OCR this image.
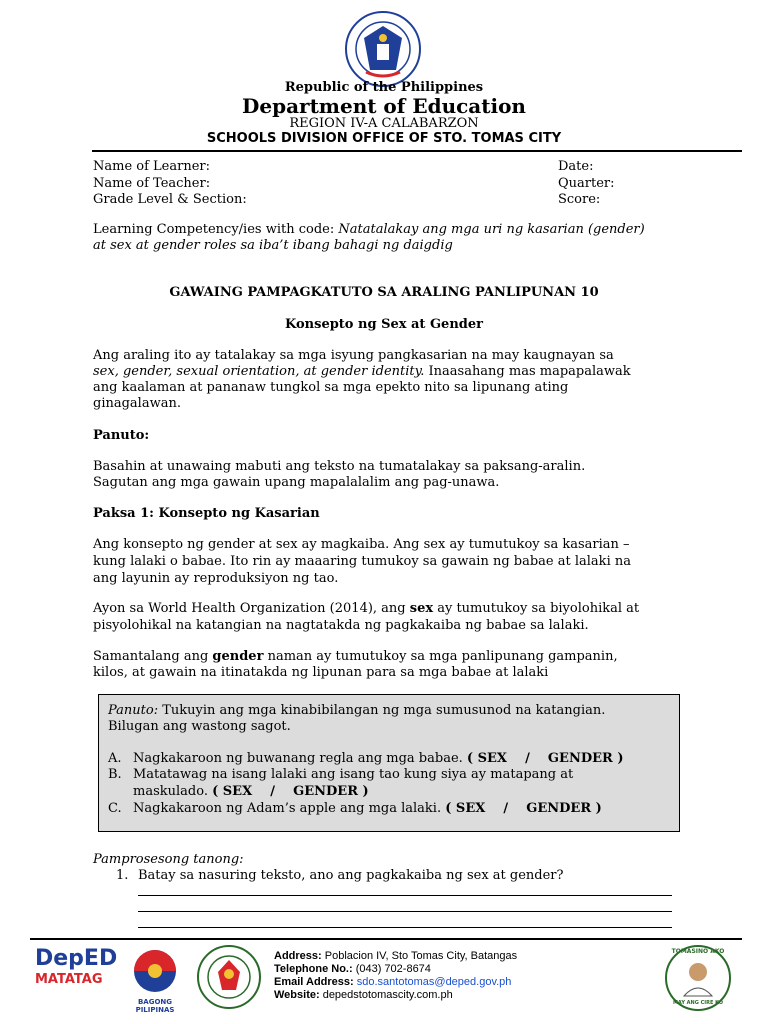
Republic of the Philippines
Department of Education
REGION IV-A CALABARZON
SCHOOLS DIVISION OFFICE OF STO. TOMAS CITY
Name of Learner:
Name of Teacher:
Grade Level & Section:
Date:
Quarter:
Score:
Learning Competency/ies with code: Natatalakay ang mga uri ng kasarian (gender)
at sex at gender roles sa iba’t ibang bahagi ng daigdig
GAWAING PAMPAGKATUTO SA ARALING PANLIPUNAN 10
Konsepto ng Sex at Gender
Ang araling ito ay tatalakay sa mga isyung pangkasarian na may kaugnayan sa
sex, gender, sexual orientation, at gender identity. Inaasahang mas mapapalawak
ang kaalaman at pananaw tungkol sa mga epekto nito sa lipunang ating
ginagalawan.
Panuto:
Basahin at unawaing mabuti ang teksto na tumatalakay sa paksang-aralin.
Sagutan ang mga gawain upang mapalalalim ang pag-unawa.
Paksa 1: Konsepto ng Kasarian
Ang konsepto ng gender at sex ay magkaiba. Ang sex ay tumutukoy sa kasarian –
kung lalaki o babae. Ito rin ay maaaring tumukoy sa gawain ng babae at lalaki na
ang layunin ay reproduksiyon ng tao.
Ayon sa World Health Organization (2014), ang sex ay tumutukoy sa biyolohikal at
pisyolohikal na katangian na nagtatakda ng pagkakaiba ng babae sa lalaki.
Samantalang ang gender naman ay tumutukoy sa mga panlipunang gampanin,
kilos, at gawain na itinatakda ng lipunan para sa mga babae at lalaki
Panuto: Tukuyin ang mga kinabibilangan ng mga sumusunod na katangian.
Bilugan ang wastong sagot.
A. Nagkakaroon ng buwanang regla ang mga babae. ( SEX    /    GENDER )
B. Matatawag na isang lalaki ang isang tao kung siya ay matapang at
maskulado. ( SEX    /    GENDER )
C. Nagkakaroon ng Adam’s apple ang mga lalaki. ( SEX    /    GENDER )
Pamprosesong tanong:
1. Batay sa nasuring teksto, ano ang pagkakaiba ng sex at gender?
DepED
MATATAG
BAGONG PILIPINAS
Address: Poblacion IV, Sto Tomas City, Batangas
Telephone No.: (043) 702-8674
Email Address: sdo.santotomas@deped.gov.ph
Website: depedstotomascity.com.ph
TOMASINO AKO
MAY ANG CIRE KO
